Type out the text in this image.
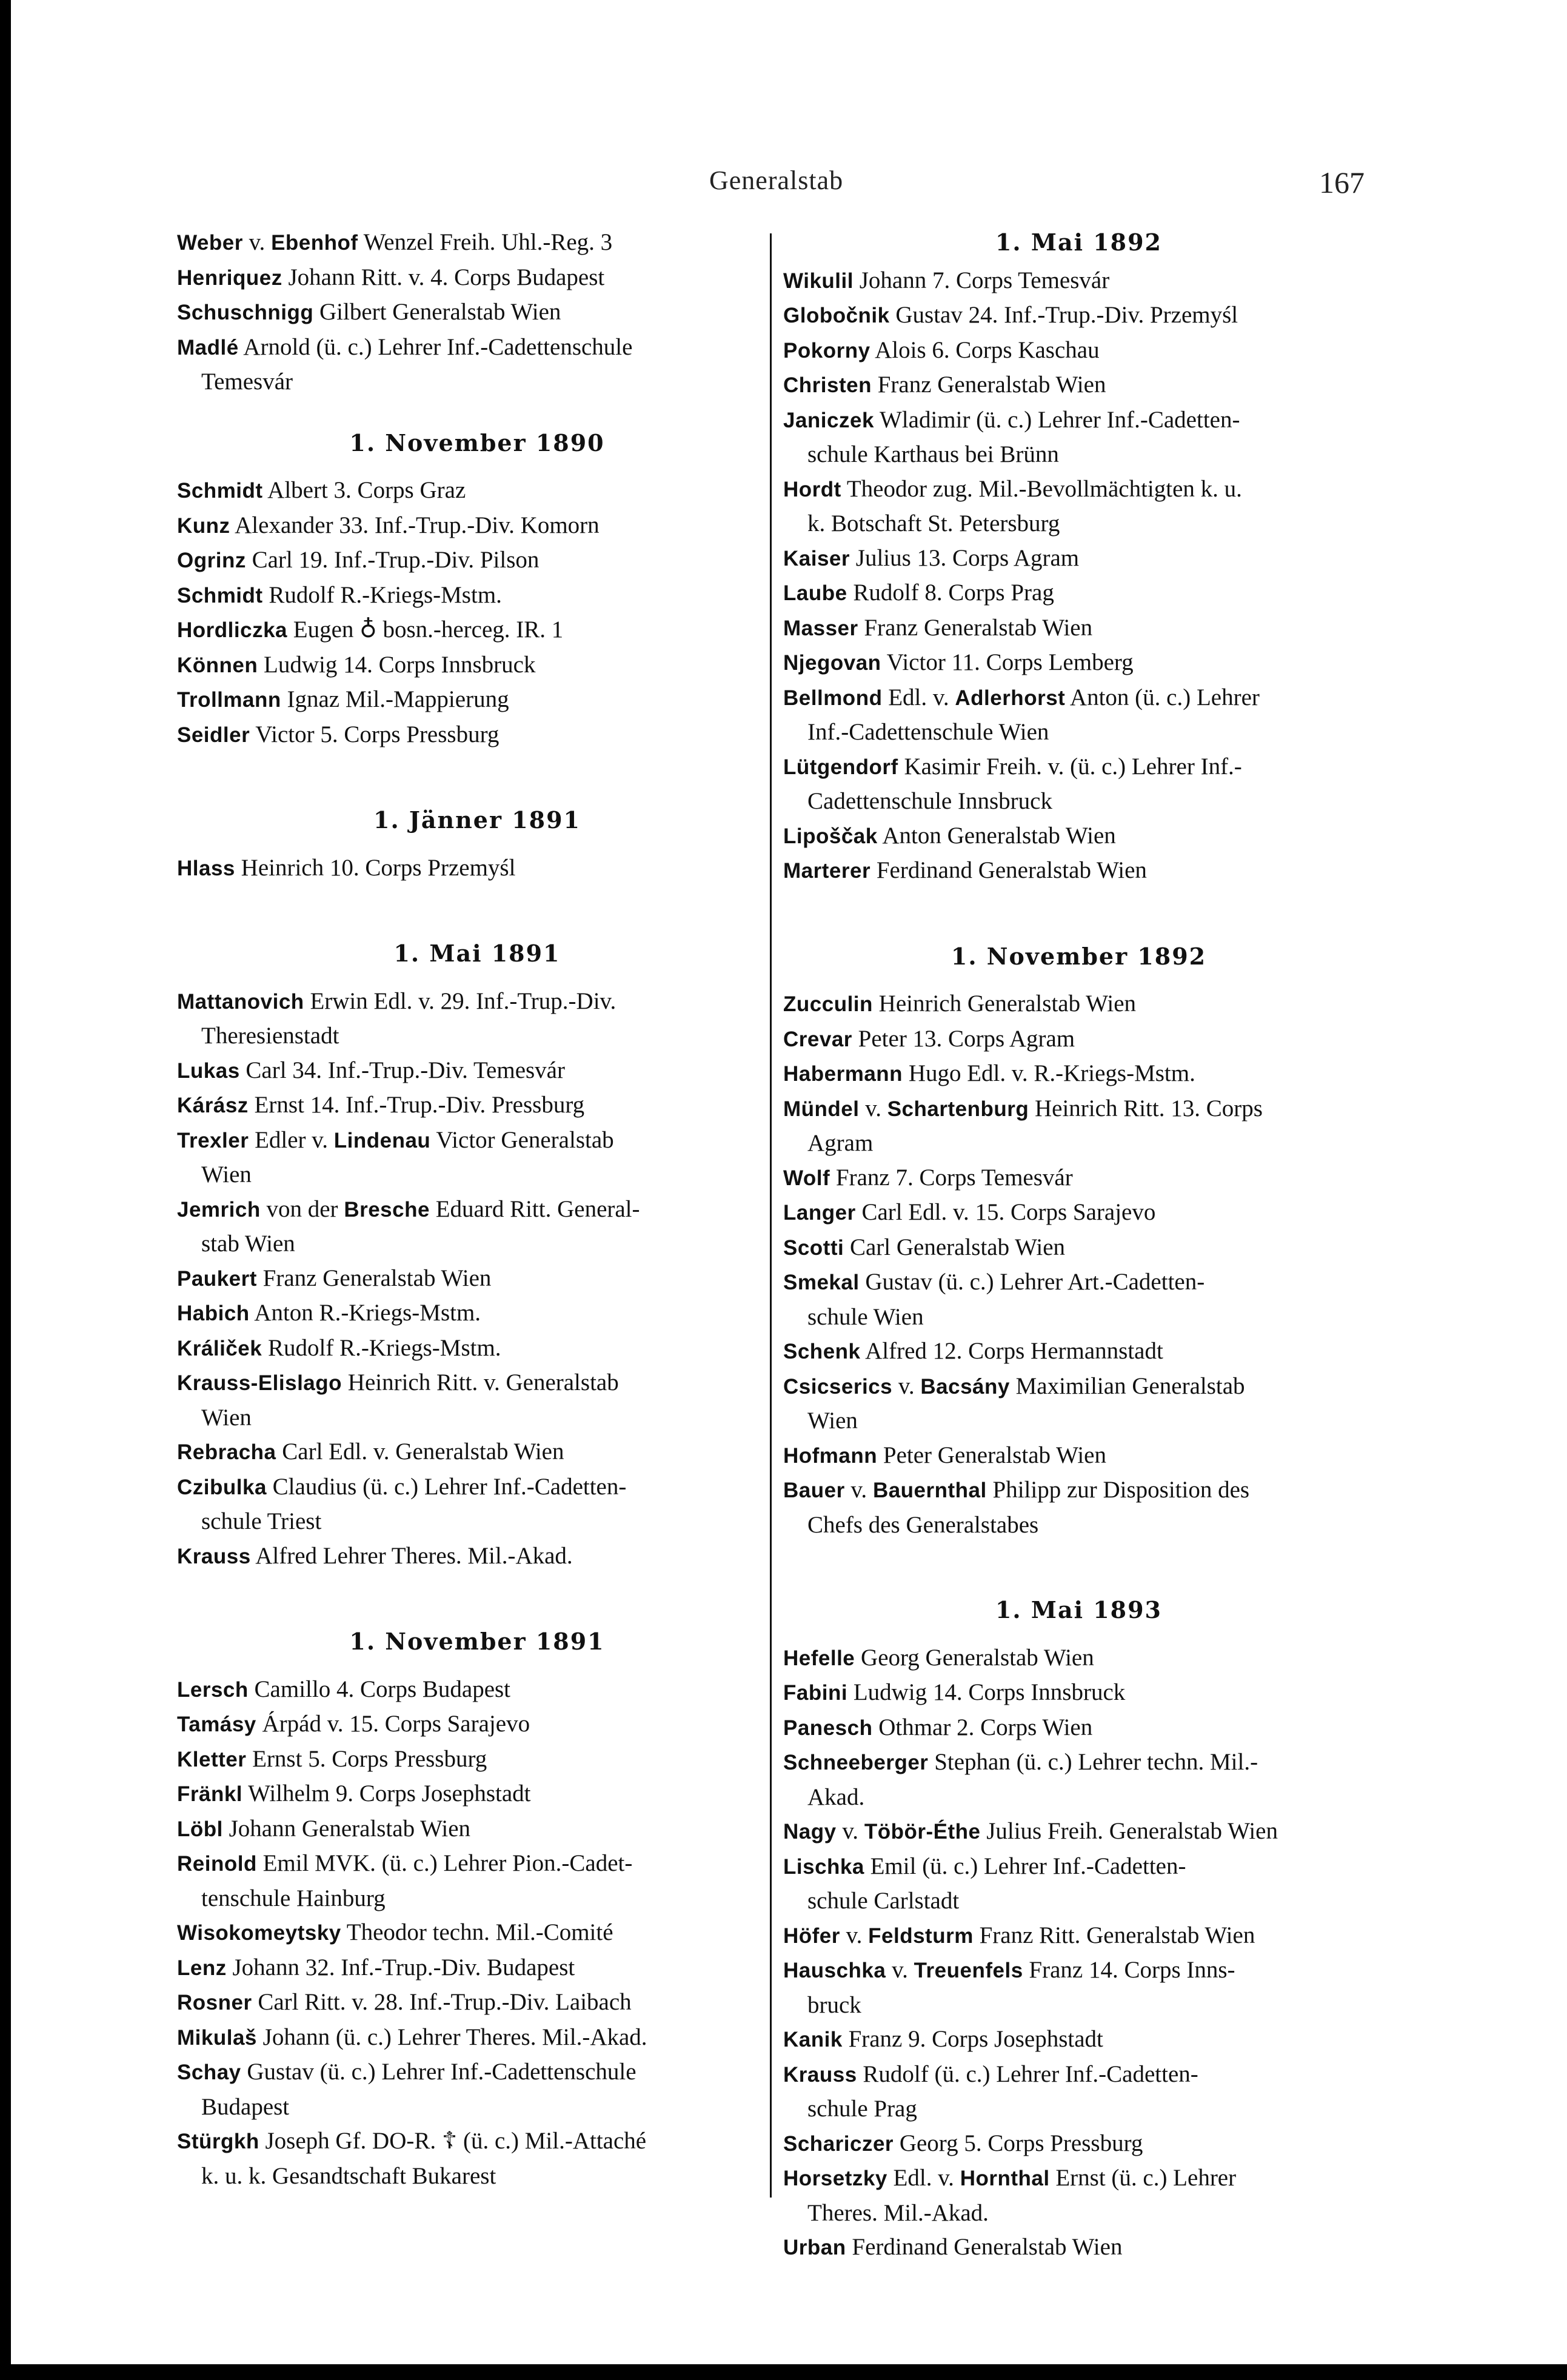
Generalstab	167
Weber v. Ebenhof Wenzel Freih. Uhl.-Reg. 3
Henriquez Johann Ritt. v. 4. Corps Budapest
Schuschnigg Gilbert Generalstab Wien
Madlé Arnold (ü. c.) Lehrer Inf.-Cadettenschule
Temesvár
1. November 1890
Schmidt Albert 3. Corps Graz
Kunz Alexander 33. Inf.-Trup.-Div. Komorn
Ogrinz Carl 19. Inf.-Trup.-Div. Pilson
Schmidt Rudolf R.-Kriegs-Mstm.
Hordliczka Eugen ♁ bosn.-herceg. IR. 1
Können Ludwig 14. Corps Innsbruck
Trollmann Ignaz Mil.-Mappierung
Seidler Victor 5. Corps Pressburg
1. Jänner 1891
Hlass Heinrich 10. Corps Przemyśl
1. Mai 1891
Mattanovich Erwin Edl. v. 29. Inf.-Trup.-Div.
Theresienstadt
Lukas Carl 34. Inf.-Trup.-Div. Temesvár
Kárász Ernst 14. Inf.-Trup.-Div. Pressburg
Trexler Edler v. Lindenau Victor Generalstab
Wien
Jemrich von der Bresche Eduard Ritt. General-
stab Wien
Paukert Franz Generalstab Wien
Habich Anton R.-Kriegs-Mstm.
Králiček Rudolf R.-Kriegs-Mstm.
Krauss-Elislago Heinrich Ritt. v. Generalstab
Wien
Rebracha Carl Edl. v. Generalstab Wien
Czibulka Claudius (ü. c.) Lehrer Inf.-Cadetten-
schule Triest
Krauss Alfred Lehrer Theres. Mil.-Akad.
1. November 1891
Lersch Camillo 4. Corps Budapest
Tamásy Árpád v. 15. Corps Sarajevo
Kletter Ernst 5. Corps Pressburg
Fränkl Wilhelm 9. Corps Josephstadt
Löbl Johann Generalstab Wien
Reinold Emil MVK. (ü. c.) Lehrer Pion.-Cadet-
tenschule Hainburg
Wisokomeytsky Theodor techn. Mil.-Comité
Lenz Johann 32. Inf.-Trup.-Div. Budapest
Rosner Carl Ritt. v. 28. Inf.-Trup.-Div. Laibach
Mikulaš Johann (ü. c.) Lehrer Theres. Mil.-Akad.
Schay Gustav (ü. c.) Lehrer Inf.-Cadettenschule
Budapest
Stürgkh Joseph Gf. DO-R. ☦ (ü. c.) Mil.-Attaché
k. u. k. Gesandtschaft Bukarest
1. Mai 1892
Wikulil Johann 7. Corps Temesvár
Globočnik Gustav 24. Inf.-Trup.-Div. Przemyśl
Pokorny Alois 6. Corps Kaschau
Christen Franz Generalstab Wien
Janiczek Wladimir (ü. c.) Lehrer Inf.-Cadetten-
schule Karthaus bei Brünn
Hordt Theodor zug. Mil.-Bevollmächtigten k. u.
k. Botschaft St. Petersburg
Kaiser Julius 13. Corps Agram
Laube Rudolf 8. Corps Prag
Masser Franz Generalstab Wien
Njegovan Victor 11. Corps Lemberg
Bellmond Edl. v. Adlerhorst Anton (ü. c.) Lehrer
Inf.-Cadettenschule Wien
Lütgendorf Kasimir Freih. v. (ü. c.) Lehrer Inf.-
Cadettenschule Innsbruck
Lipoščak Anton Generalstab Wien
Marterer Ferdinand Generalstab Wien
1. November 1892
Zucculin Heinrich Generalstab Wien
Crevar Peter 13. Corps Agram
Habermann Hugo Edl. v. R.-Kriegs-Mstm.
Mündel v. Schartenburg Heinrich Ritt. 13. Corps
Agram
Wolf Franz 7. Corps Temesvár
Langer Carl Edl. v. 15. Corps Sarajevo
Scotti Carl Generalstab Wien
Smekal Gustav (ü. c.) Lehrer Art.-Cadetten-
schule Wien
Schenk Alfred 12. Corps Hermannstadt
Csicserics v. Bacsány Maximilian Generalstab
Wien
Hofmann Peter Generalstab Wien
Bauer v. Bauernthal Philipp zur Disposition des
Chefs des Generalstabes
1. Mai 1893
Hefelle Georg Generalstab Wien
Fabini Ludwig 14. Corps Innsbruck
Panesch Othmar 2. Corps Wien
Schneeberger Stephan (ü. c.) Lehrer techn. Mil.-
Akad.
Nagy v. Töbör-Éthe Julius Freih. Generalstab Wien
Lischka Emil (ü. c.) Lehrer Inf.-Cadetten-
schule Carlstadt
Höfer v. Feldsturm Franz Ritt. Generalstab Wien
Hauschka v. Treuenfels Franz 14. Corps Inns-
bruck
Kanik Franz 9. Corps Josephstadt
Krauss Rudolf (ü. c.) Lehrer Inf.-Cadetten-
schule Prag
Schariczer Georg 5. Corps Pressburg
Horsetzky Edl. v. Hornthal Ernst (ü. c.) Lehrer
Theres. Mil.-Akad.
Urban Ferdinand Generalstab Wien
